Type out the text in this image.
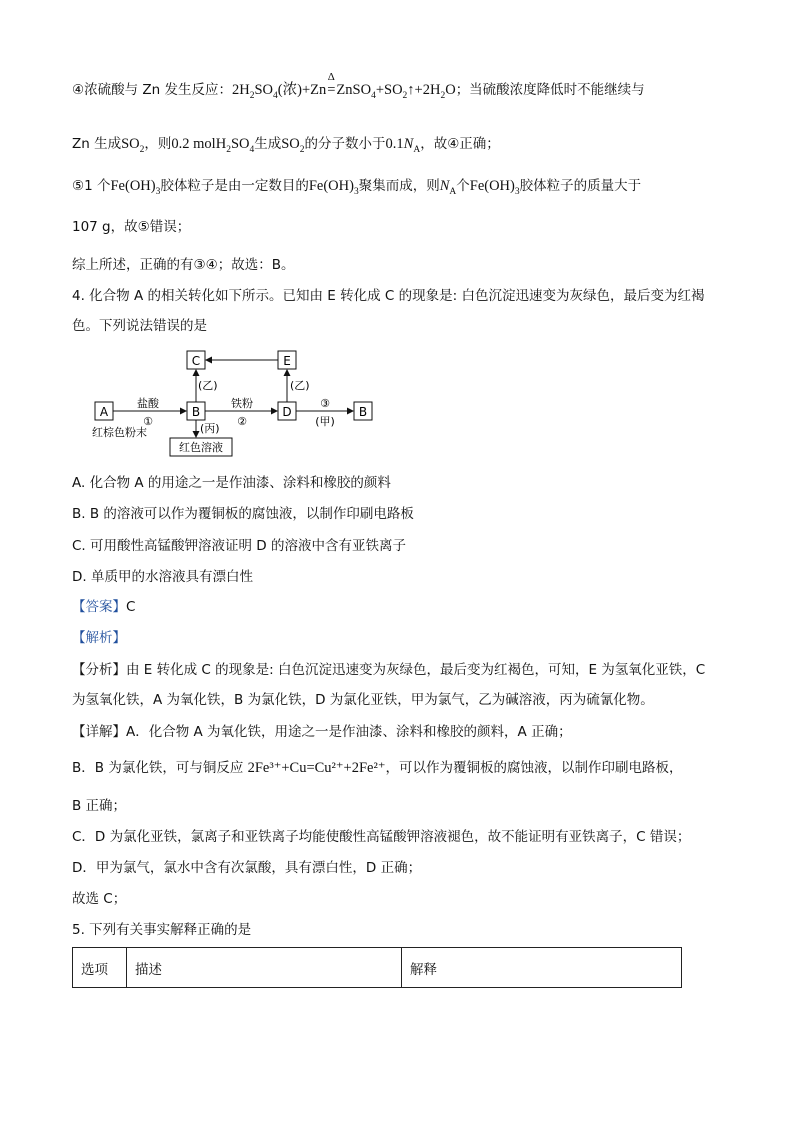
④浓硫酸与 Zn 发生反应：$2H_2SO_4$(浓)+Zn
Δ
$=ZnSO_4+SO_2↑+2H_2O$；当硫酸浓度降低时不能继续与
Zn 生成$SO_2$，则0.2 $molH_2SO_4$生成$SO_2$的分子数小于$0.1N_A$，故④正确；
⑤1 个$Fe(OH)_3$胶体粒子是由一定数目的$Fe(OH)_3$聚集而成，则$N_A$个$Fe(OH)_3$胶体粒子的质量大于
107 g，故⑤错误；
综上所述，正确的有③④；故选：B。
4. 化合物 A 的相关转化如下所示。已知由 E 转化成 C 的现象是: 白色沉淀迅速变为灰绿色，最后变为红褐
色。下列说法错误的是
C	E
A	B	D	B
红色溶液
(乙)	(乙)
盐酸
①
铁粉
②
③
(甲)
(丙)
红棕色粉末
A. 化合物 A 的用途之一是作油漆、涂料和橡胶的颜料
B. B 的溶液可以作为覆铜板的腐蚀液，以制作印刷电路板
C. 可用酸性高锰酸钾溶液证明 D 的溶液中含有亚铁离子
D. 单质甲的水溶液具有漂白性
【答案】C
【解析】
【分析】由 E 转化成 C 的现象是: 白色沉淀迅速变为灰绿色，最后变为红褐色，可知，E 为氢氧化亚铁，C
为氢氧化铁，A 为氧化铁，B 为氯化铁，D 为氯化亚铁，甲为氯气，乙为碱溶液，丙为硫氰化物。
【详解】A．化合物 A 为氧化铁，用途之一是作油漆、涂料和橡胶的颜料，A 正确；
B．B 为氯化铁，可与铜反应 2Fe³⁺+Cu=Cu²⁺+2Fe²⁺，可以作为覆铜板的腐蚀液，以制作印刷电路板，
B 正确；
C．D 为氯化亚铁，氯离子和亚铁离子均能使酸性高锰酸钾溶液褪色，故不能证明有亚铁离子，C 错误；
D．甲为氯气，氯水中含有次氯酸，具有漂白性，D 正确；
故选 C；
5. 下列有关事实解释正确的是
选项	描述	解释
